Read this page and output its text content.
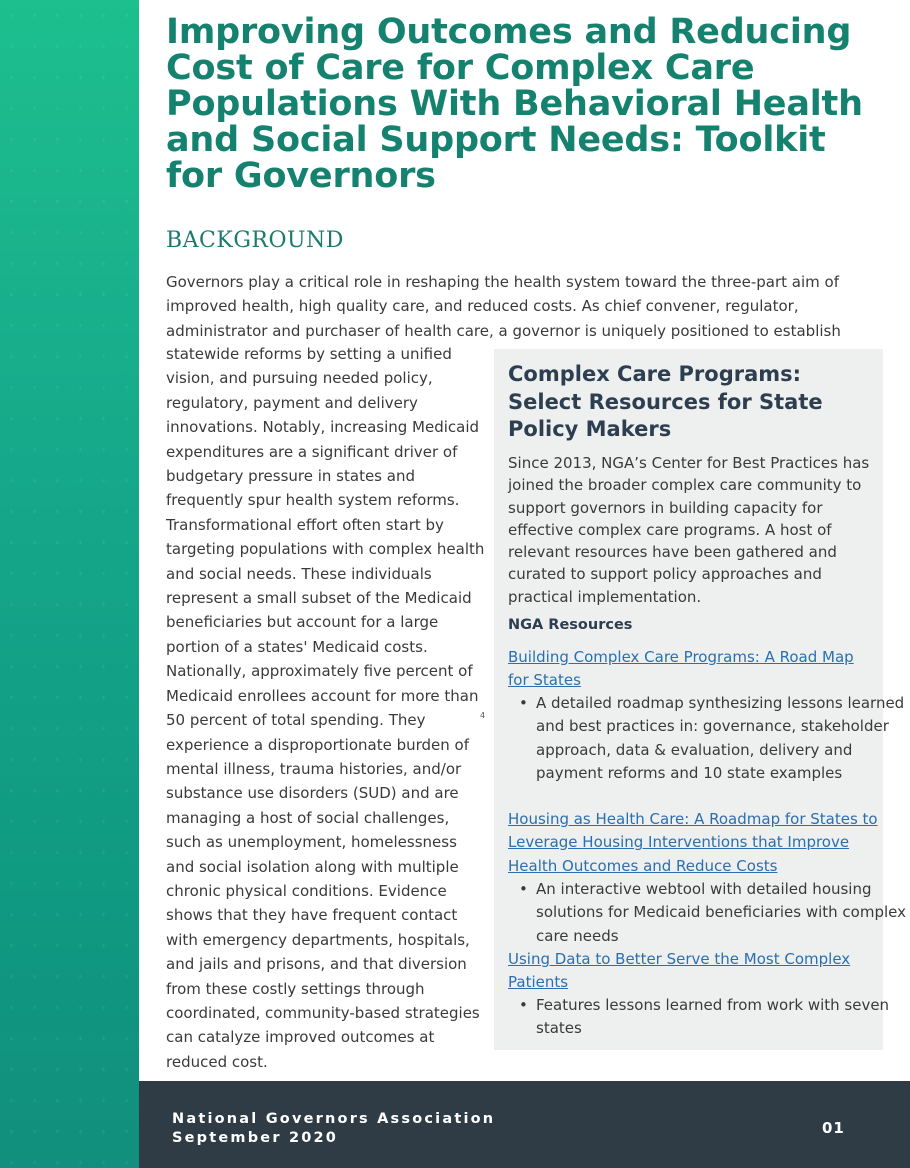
Improving Outcomes and Reducing Cost of Care for Complex Care Populations With Behavioral Health and Social Support Needs: Toolkit for Governors
BACKGROUND

Governors play a critical role in reshaping the health system toward the three-part aim of improved health, high quality care, and reduced costs. As chief convener, regulator, administrator and purchaser of health care, a governor is uniquely positioned to establish

statewide reforms by setting a unified vision, and pursuing needed policy, regulatory, payment and delivery innovations. Notably, increasing Medicaid expenditures are a significant driver of budgetary pressure in states and frequently spur health system reforms. Transformational effort often start by targeting populations with complex health and social needs. These individuals represent a small subset of the Medicaid beneficiaries but account for a large portion of a states' Medicaid costs. Nationally, approximately five percent of Medicaid enrollees account for more than 50 percent of total spending. They experience a disproportionate burden of mental illness, trauma histories, and/or substance use disorders (SUD) and are managing a host of social challenges, such as unemployment, homelessness and social isolation along with multiple chronic physical conditions. Evidence shows that they have frequent contact with emergency departments, hospitals, and jails and prisons, and that diversion from these costly settings through coordinated, community-based strategies can catalyze improved outcomes at reduced cost.

4
Complex Care Programs: Select Resources for State Policy Makers

Since 2013, NGA’s Center for Best Practices has joined the broader complex care community to support governors in building capacity for effective complex care programs. A host of relevant resources have been gathered and curated to support policy approaches and practical implementation.

NGA Resources
Building Complex Care Programs: A Road Map for States
• A detailed roadmap synthesizing lessons learned and best practices in: governance, stakeholder approach, data & evaluation, delivery and payment reforms and 10 state examples
Housing as Health Care: A Roadmap for States to Leverage Housing Interventions that Improve Health Outcomes and Reduce Costs
• An interactive webtool with detailed housing solutions for Medicaid beneficiaries with complex care needs
Using Data to Better Serve the Most Complex Patients
• Features lessons learned from work with seven states

National Governors Association

September 2020

01
